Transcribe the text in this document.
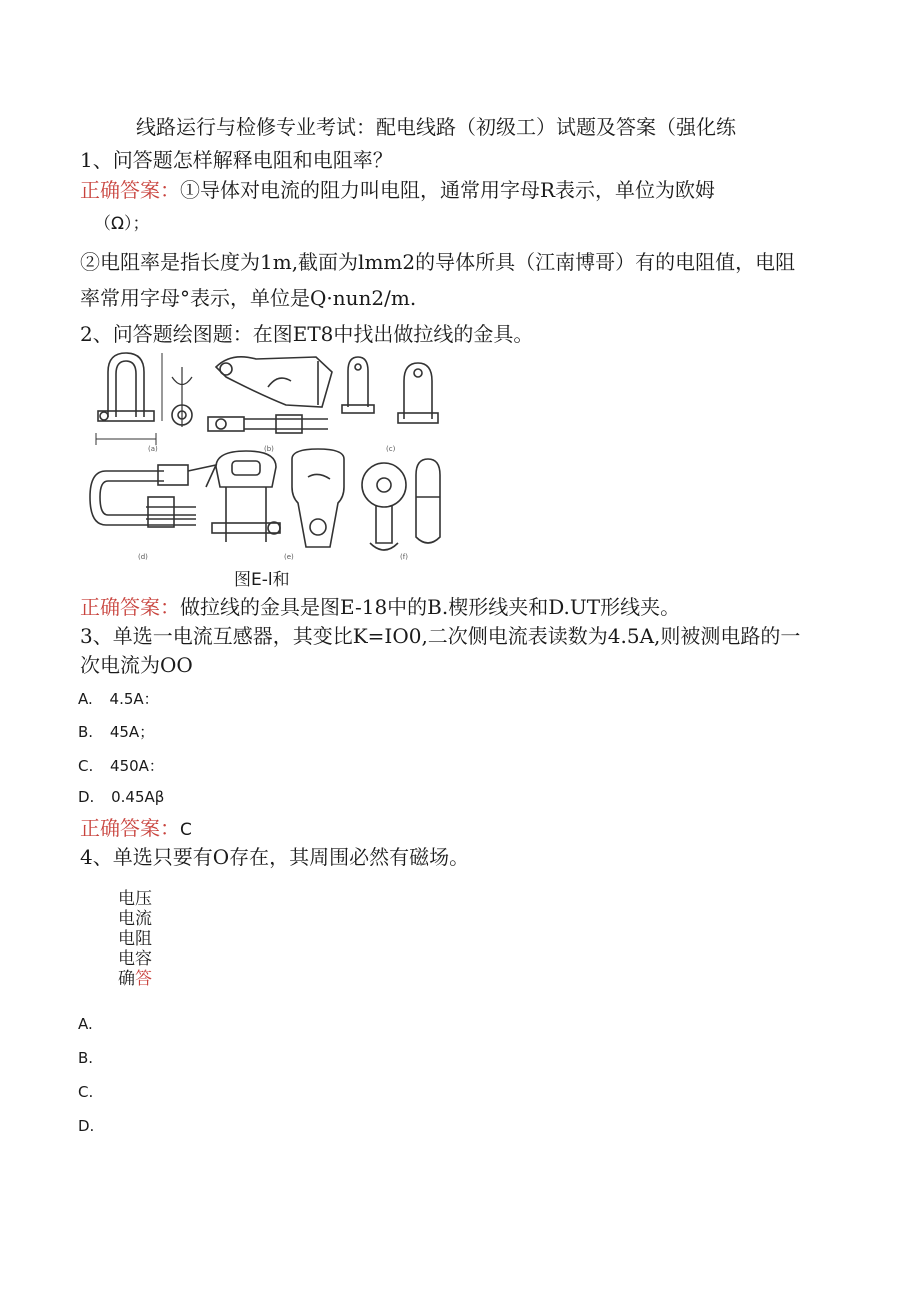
线路运行与检修专业考试：配电线路（初级工）试题及答案（强化练
1、问答题怎样解释电阻和电阻率？
正确答案：①导体对电流的阻力叫电阻，通常用字母R表示，单位为欧姆
（Ω）；
②电阻率是指长度为1m,截面为lmm2的导体所具（江南博哥）有的电阻值，电阻
率常用字母°表示，单位是Q·nun2∕m.
2、问答题绘图题：在图ET8中找出做拉线的金具。
(a)	(b)	(c)
(d)	(e)	(f)
图E-l和
正确答案：做拉线的金具是图E-18中的B.楔形线夹和D.UT形线夹。
3、单选一电流互感器，其变比K=IO0,二次侧电流表读数为4.5A,则被测电路的一
次电流为OO
A. 4.5A：
B. 45A；
C. 450A：
D. 0.45Aβ
正确答案：C
4、单选只要有O存在，其周围必然有磁场。
电压
电流
电阻
电容
确答
A.
B.
C.
D.
